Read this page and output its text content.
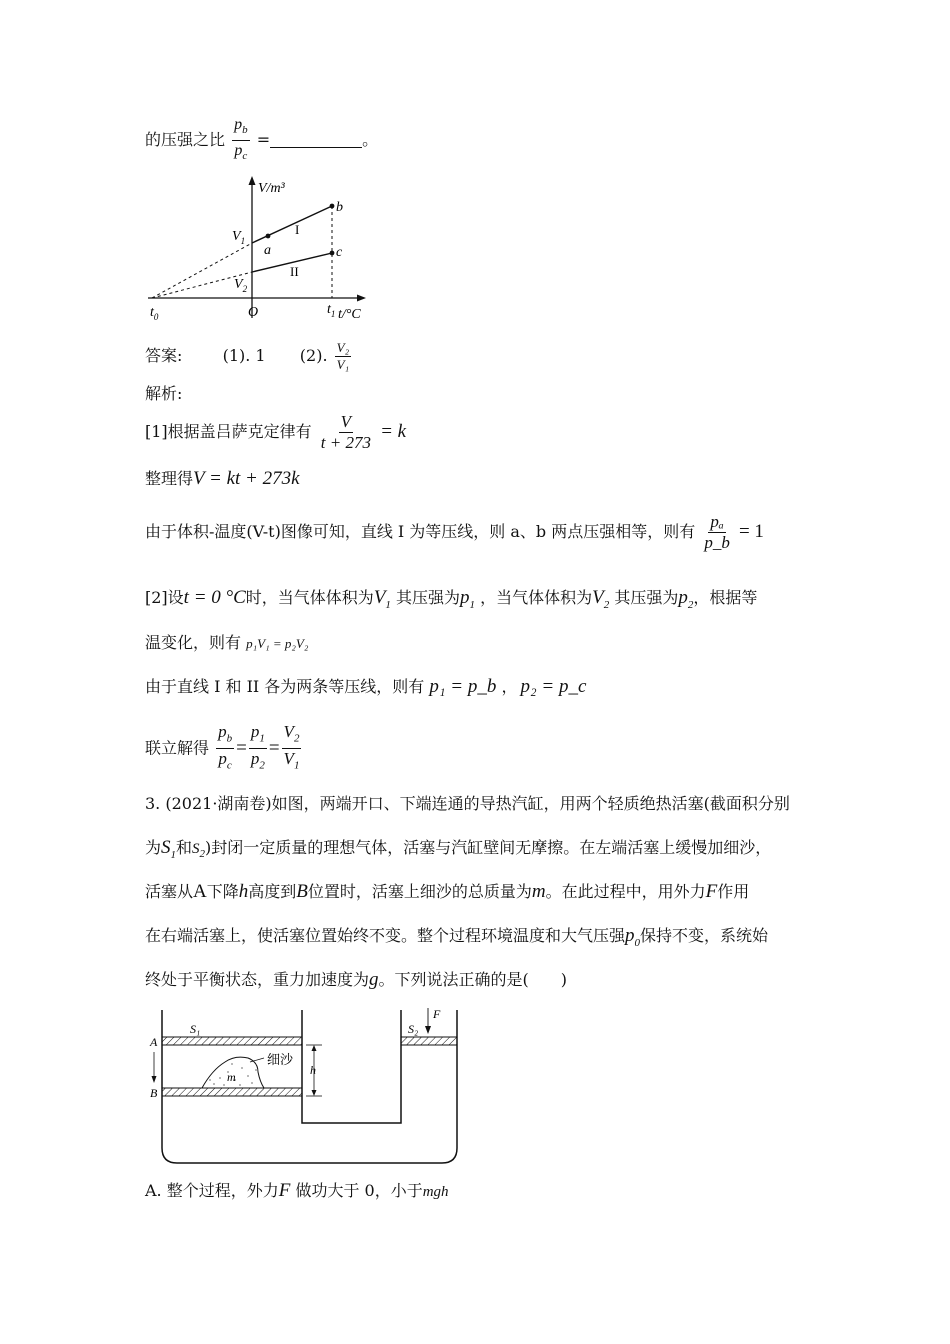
的压强之比 $\frac{p_b}{p_c}$ =	。
V/m³
t/°C
b
c
a
I
II
$V_1$
$V_2$
$t_0$	O	$t_1$
答案:	(1). 1 (2). $\frac{\text{V₂}}{\text{V₁}}$
解析:
[1]根据盖吕萨克定律有 $\frac{V}{t + 273} = k$
整理得V = kt + 273k
由于体积-温度(V-t)图像可知，直线 I 为等压线，则 a、b 两点压强相等，则有 $\frac{\text{pₐ}}{p\_b} = 1$
[2]设t = 0 °C时，当气体体积为$V_1$ 其压强为$p_1$ ，当气体体积为$V_2$ 其压强为$p_2$，根据等
温变化，则有 p₁V₁ = p₂V₂
由于直线 I 和 II 各为两条等压线，则有 p₁ = p_b ， p₂ = p_c
联立解得 $\frac{p_b}{p_c} = \frac{p_1}{p_2} = \frac{V_2}{V_1}$
3. (2021·湖南卷)如图，两端开口、下端连通的导热汽缸，用两个轻质绝热活塞(截面积分别
为$S_1$和$S_2$)封闭一定质量的理想气体，活塞与汽缸壁间无摩擦。在左端活塞上缓慢加细沙，
活塞从A下降h高度到B位置时，活塞上细沙的总质量为m。在此过程中，用外力F作用
在右端活塞上，使活塞位置始终不变。整个过程环境温度和大气压强$p_0$保持不变，系统始
终处于平衡状态，重力加速度为g。下列说法正确的是(　　)
细沙
m	h
A
B
S₁	S₂
F
A. 整个过程，外力F 做功大于 0，小于mgh
